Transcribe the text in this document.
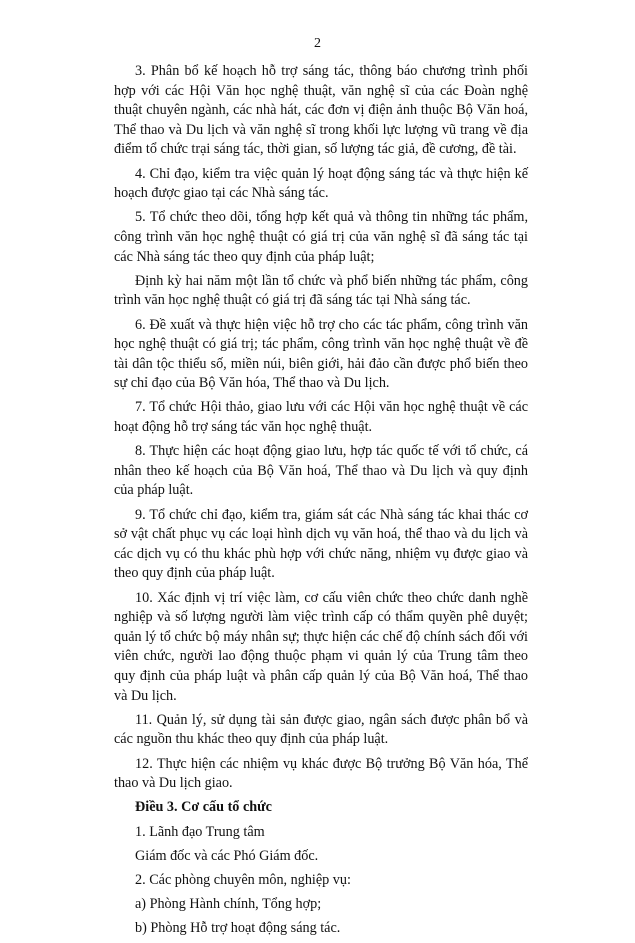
2

3. Phân bổ kế hoạch hỗ trợ sáng tác, thông báo chương trình phối hợp với các Hội Văn học nghệ thuật, văn nghệ sĩ của các Đoàn nghệ thuật chuyên ngành, các nhà hát, các đơn vị điện ảnh thuộc Bộ Văn hoá, Thể thao và Du lịch và văn nghệ sĩ trong khối lực lượng vũ trang về địa điểm tổ chức trại sáng tác, thời gian, số lượng tác giả, đề cương, đề tài.

4. Chỉ đạo, kiểm tra việc quản lý hoạt động sáng tác và thực hiện kế hoạch được giao tại các Nhà sáng tác.

5. Tổ chức theo dõi, tổng hợp kết quả và thông tin những tác phẩm, công trình văn học nghệ thuật có giá trị của văn nghệ sĩ đã sáng tác tại các Nhà sáng tác theo quy định của pháp luật;

Định kỳ hai năm một lần tổ chức và phổ biến những tác phẩm, công trình văn học nghệ thuật có giá trị đã sáng tác tại Nhà sáng tác.

6. Đề xuất và thực hiện việc hỗ trợ cho các tác phẩm, công trình văn học nghệ thuật có giá trị; tác phẩm, công trình văn học nghệ thuật về đề tài dân tộc thiểu số, miền núi, biên giới, hải đảo cần được phổ biến theo sự chỉ đạo của Bộ Văn hóa, Thể thao và Du lịch.

7. Tổ chức Hội thảo, giao lưu với các Hội văn học nghệ thuật về các hoạt động hỗ trợ sáng tác văn học nghệ thuật.

8. Thực hiện các hoạt động giao lưu, hợp tác quốc tế với tổ chức, cá nhân theo kế hoạch của Bộ Văn hoá, Thể thao và Du lịch và quy định của pháp luật.

9. Tổ chức chỉ đạo, kiểm tra, giám sát các Nhà sáng tác khai thác cơ sở vật chất phục vụ các loại hình dịch vụ văn hoá, thể thao và du lịch và các dịch vụ có thu khác phù hợp với chức năng, nhiệm vụ được giao và theo quy định của pháp luật.

10. Xác định vị trí việc làm, cơ cấu viên chức theo chức danh nghề nghiệp và số lượng người làm việc trình cấp có thẩm quyền phê duyệt; quản lý tổ chức bộ máy nhân sự; thực hiện các chế độ chính sách đối với viên chức, người lao động thuộc phạm vi quản lý của Trung tâm theo quy định của pháp luật và phân cấp quản lý của Bộ Văn hoá, Thể thao và Du lịch.

11. Quản lý, sử dụng tài sản được giao, ngân sách được phân bổ và các nguồn thu khác theo quy định của pháp luật.

12. Thực hiện các nhiệm vụ khác được Bộ trưởng Bộ Văn hóa, Thể thao và Du lịch giao.

Điều 3. Cơ cấu tổ chức

1. Lãnh đạo Trung tâm

Giám đốc và các Phó Giám đốc.

2. Các phòng chuyên môn, nghiệp vụ:

a) Phòng Hành chính, Tổng hợp;

b) Phòng Hỗ trợ hoạt động sáng tác.
